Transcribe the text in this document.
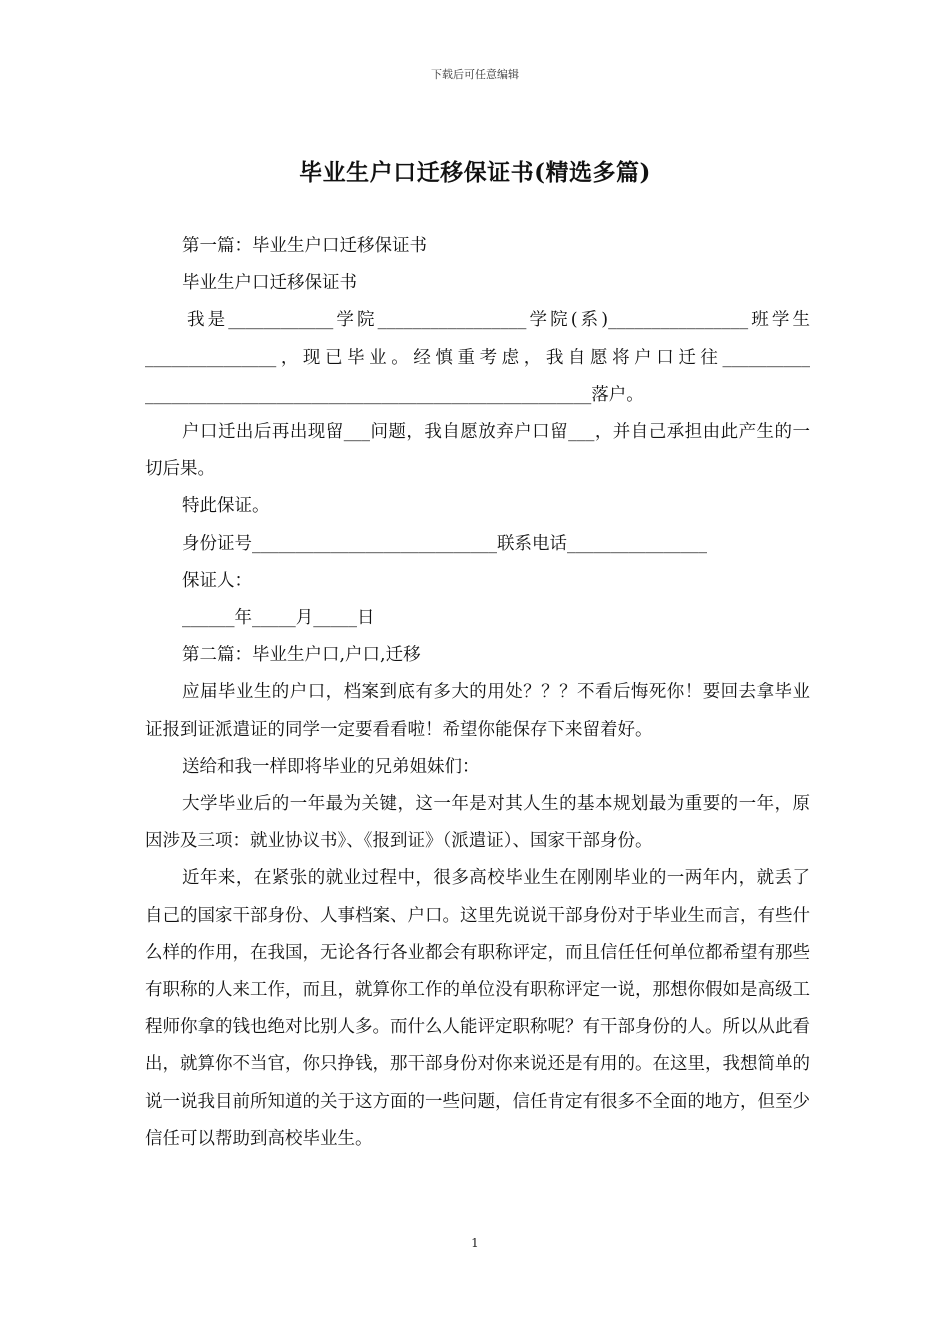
下载后可任意编辑
毕业生户口迁移保证书(精选多篇)

第一篇：毕业生户口迁移保证书

毕业生户口迁移保证书

我是____________学院_________________学院(系)________________班学生_______________，现已毕业。经慎重考虑，我自愿将户口迁往__________ ___________________________________________________落户。

户口迁出后再出现留___问题，我自愿放弃户口留___，并自己承担由此产生的一切后果。

特此保证。

身份证号____________________________联系电话________________

保证人：

______年_____月_____日

第二篇：毕业生户口,户口,迁移

应届毕业生的户口，档案到底有多大的用处？？？不看后悔死你！要回去拿毕业证报到证派遣证的同学一定要看看啦！希望你能保存下来留着好。

送给和我一样即将毕业的兄弟姐妹们：

大学毕业后的一年最为关键，这一年是对其人生的基本规划最为重要的一年，原因涉及三项：就业协议书》、《报到证》（派遣证）、国家干部身份。

近年来，在紧张的就业过程中，很多高校毕业生在刚刚毕业的一两年内，就丢了自己的国家干部身份、人事档案、户口。这里先说说干部身份对于毕业生而言，有些什么样的作用，在我国，无论各行各业都会有职称评定，而且信任任何单位都希望有那些有职称的人来工作，而且，就算你工作的单位没有职称评定一说，那想你假如是高级工程师你拿的钱也绝对比别人多。而什么人能评定职称呢？有干部身份的人。所以从此看出，就算你不当官，你只挣钱，那干部身份对你来说还是有用的。在这里，我想简单的说一说我目前所知道的关于这方面的一些问题，信任肯定有很多不全面的地方，但至少信任可以帮助到高校毕业生。

1
